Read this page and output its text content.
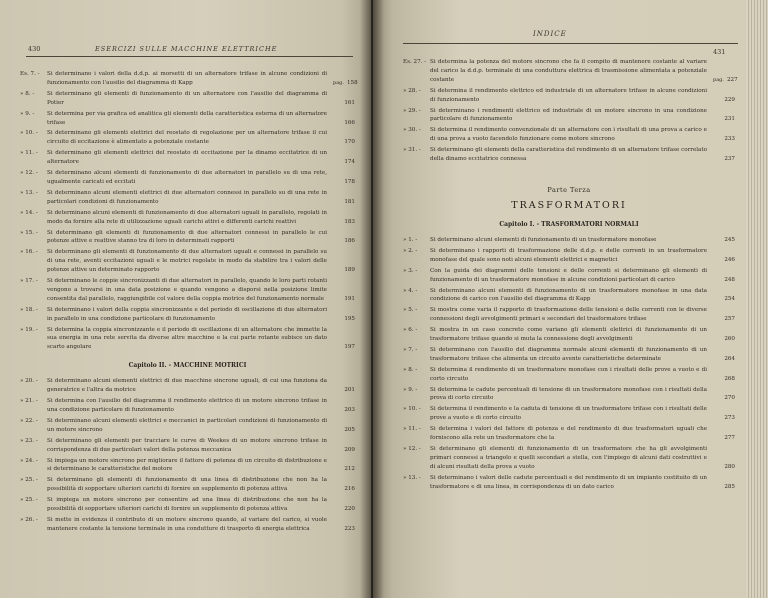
430	ESERCIZI SULLE MACCHINE ELETTRICHE
Es. 7. -	Si determinano i valori della d.d.p. ai morsetti di un alternatore trifase in alcune condizioni di funzionamento con l'ausilio del diagramma di Kapp	pag. 158
» 8. -	Si determinano gli elementi di funzionamento di un alternatore con l'ausilio del diagramma di Potier	161
» 9. -	Si determina per via grafica ed analitica gli elementi della caratteristica esterna di un alternatore trifase	166
» 10. -	Si determinano gli elementi elettrici del reostato di regolazione per un alternatore trifase il cui circuito di eccitazione è alimentato a potenziale costante	170
» 11. -	Si determinano gli elementi elettrici del reostato di eccitazione per la dinamo eccitatrice di un alternatore	174
» 12. -	Si determinano alcuni elementi di funzionamento di due alternatori in parallelo su di una rete, ugualmente caricati ed eccitati	178
» 13. -	Si determinano alcuni elementi elettrici di due alternatori connessi in parallelo su di una rete in particolari condizioni di funzionamento	181
» 14. -	Si determinano alcuni elementi di funzionamento di due alternatori uguali in parallelo, regolati in modo da fornire alla rete di utilizzazione uguali carichi attivi e differenti carichi reattivi	183
» 15. -	Si determinano gli elementi di funzionamento di due alternatori connessi in parallelo le cui potenze attive e reattive stanno tra di loro in determinati rapporti	186
» 16. -	Si determinano gli elementi di funzionamento di due alternatori uguali e connessi in parallelo su di una rete, aventi eccitazioni uguali e le motrici regolate in modo da stabilire tra i valori delle potenze attive un determinato rapporto	189
» 17. -	Si determinano le coppie sincronizzanti di due alternatori in parallelo, quando le loro parti rotanti vengono a trovarsi in una data posizione e quando vengono a disporsi nella posizione limite consentita dal parallelo, raggiungibile col valore della coppia motrice del funzionamento normale	191
» 18. -	Si determinano i valori della coppia sincronizzante e del periodo di oscillazione di due alternatori in parallelo in una condizione particolare di funzionamento	195
» 19. -	Si determina la coppia sincronizzante e il periodo di oscillazione di un alternatore che immette la sua energia in una rete servita da diverse altre macchine e la cui parte rotante subisce un dato scarto angolare	197
Capitolo II. - MACCHINE MOTRICI
» 20. -	Si determinano alcuni elementi elettrici di due macchine sincrone uguali, di cui una funziona da generatrice e l'altra da motrice	201
» 21. -	Si determina con l'ausilio del diagramma il rendimento elettrico di un motore sincrono trifase in una condizione particolare di funzionamento	203
» 22. -	Si determinano alcuni elementi elettrici e meccanici in particolari condizioni di funzionamento di un motore sincrono	205
» 23. -	Si determinano gli elementi per tracciare le curve di Weekes di un motore sincrono trifase in corrispondenza di due particolari valori della potenza meccanica	209
» 24. -	Si impiega un motore sincrono per migliorare il fattore di potenza di un circuito di distribuzione e si determinano le caratteristiche del motore	212
» 25. -	Si determinano gli elementi di funzionamento di una linea di distribuzione che non ha la possibilità di sopportare ulteriori carichi di fornire un supplemento di potenza attiva	216
» 25. -	Si impiega un motore sincrono per consentire ad una linea di distribuzione che non ha la possibilità di sopportare ulteriori carichi di fornire un supplemento di potenza attiva	220
» 26. -	Si mette in evidenza il contributo di un motore sincrono quando, al variare del carico, si vuole mantenere costante la tensione terminale in una condutture di trasporto di energia elettrica	223
INDICE
431
Es. 27. - Si determina la potenza del motore sincrono che fa il compito di mantenere costante al variare del carico la d.d.p. terminale di una conduttura elettrica di trasmissione alimentata a potenziale costante	pag. 227
» 28. -	Si determina il rendimento elettrico ed industriale di un alternatore trifase in alcune condizioni di funzionamento	229
» 29. -	Si determinano i rendimenti elettrico ed industriale di un motore sincrono in una condizione particolare di funzionamento	231
» 30. -	Si determina il rendimento convenzionale di un alternatore con i risultati di una prova a carico e di una prova a vuoto facendolo funzionare come motore sincrono	233
» 31. -	Si determinano gli elementi della caratteristica del rendimento di un alternatore trifase correlato della dinamo eccitatrice connessa	237
Parte Terza
TRASFORMATORI
Capitolo I. - TRASFORMATORI NORMALI
» 1. -	Si determinano alcuni elementi di funzionamento di un trasformatore monofase	245
» 2. -	Si determinano i rapporti di trasformazione delle d.d.p. e delle correnti in un trasformatore monofase del quale sono noti alcuni elementi elettrici e magnetici	246
» 3. -	Con la guida dei diagrammi delle tensioni e delle correnti si determinano gli elementi di funzionamento di un trasformatore monofase in alcune condizioni particolari di carico	248
» 4. -	Si determinano alcuni elementi di funzionamento di un trasformatore monofase in una data condizione di carico con l'ausilio del diagramma di Kapp	254
» 5. -	Si mostra come varia il rapporto di trasformazione delle tensioni e delle correnti con le diverse connessioni degli avvolgimenti primari e secondari del trasformatore trifase	257
» 6. -	Si mostra in un caso concreto come variano gli elementi elettrici di funzionamento di un trasformatore trifase quando si muta la connessione degli avvolgimenti	260
» 7. -	Si determinano con l'ausilio del diagramma normale alcuni elementi di funzionamento di un trasformatore trifase che alimenta un circuito avente caratteristiche determinate	264
» 8. -	Si determina il rendimento di un trasformatore monofase con i risultati delle prove a vuoto e di corto circuito	268
» 9. -	Si determina le cadute percentuali di tensione di un trasformatore monofase con i risultati della prova di corto circuito	270
» 10. -	Si determina il rendimento e la caduta di tensione di un trasformatore trifase con i risultati delle prove a vuoto e di corto circuito	273
» 11. -	Si determina i valori del fattore di potenza e del rendimento di due trasformatori uguali che forniscono alla rete un trasformatore che la	277
» 12. -	Si determinano gli elementi di funzionamento di un trasformatore che ha gli avvolgimenti primari connessi a triangolo e quelli secondari a stella, con l'impiego di alcuni dati costruttivi e di alcuni risultati della prova a vuoto	280
» 13. -	Si determinano i valori delle cadute percentuali e del rendimento di un impianto costituito di un trasformatore e di una linea, in corrispondenza di un dato carico	285
